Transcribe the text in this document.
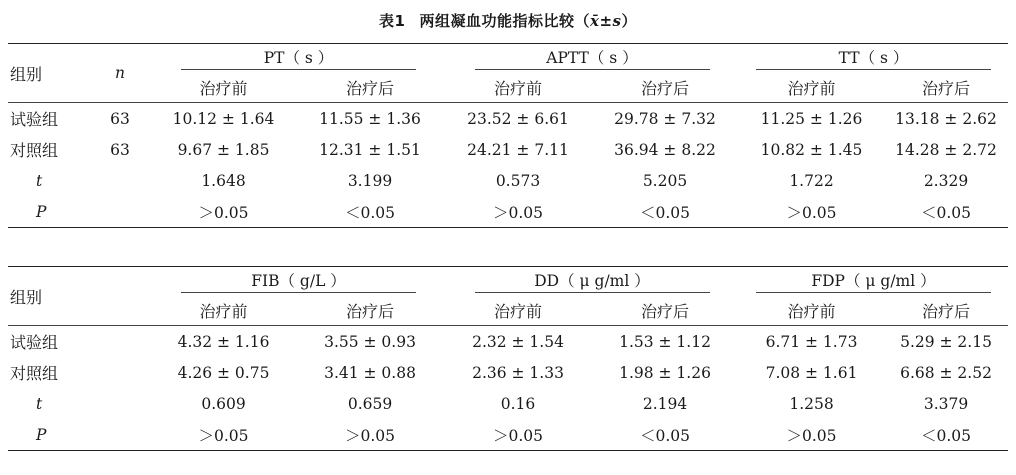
表1 两组凝血功能指标比较（x̄±s）
组别	n	PT（ s ）		APTT（ s ）		TT（ s ）	
		治疗前	治疗后	治疗前	治疗后	治疗前	治疗后
试验组	63	10.12 ± 1.64	11.55 ± 1.36	23.52 ± 6.61	29.78 ± 7.32	11.25 ± 1.26	13.18 ± 2.62
对照组	63	9.67 ± 1.85	12.31 ± 1.51	24.21 ± 7.11	36.94 ± 8.22	10.82 ± 1.45	14.28 ± 2.72
t		1.648	3.199	0.573	5.205	1.722	2.329
P		＞0.05	＜0.05	＞0.05	＜0.05	＞0.05	＜0.05
组别	FIB（ g/L ）		DD（ μ g/ml ）		FDP（ μ g/ml ）	
	治疗前	治疗后	治疗前	治疗后	治疗前	治疗后
试验组	4.32 ± 1.16	3.55 ± 0.93	2.32 ± 1.54	1.53 ± 1.12	6.71 ± 1.73	5.29 ± 2.15
对照组	4.26 ± 0.75	3.41 ± 0.88	2.36 ± 1.33	1.98 ± 1.26	7.08 ± 1.61	6.68 ± 2.52
t	0.609	0.659	0.16	2.194	1.258	3.379
P	＞0.05	＞0.05	＞0.05	＜0.05	＞0.05	＜0.05
